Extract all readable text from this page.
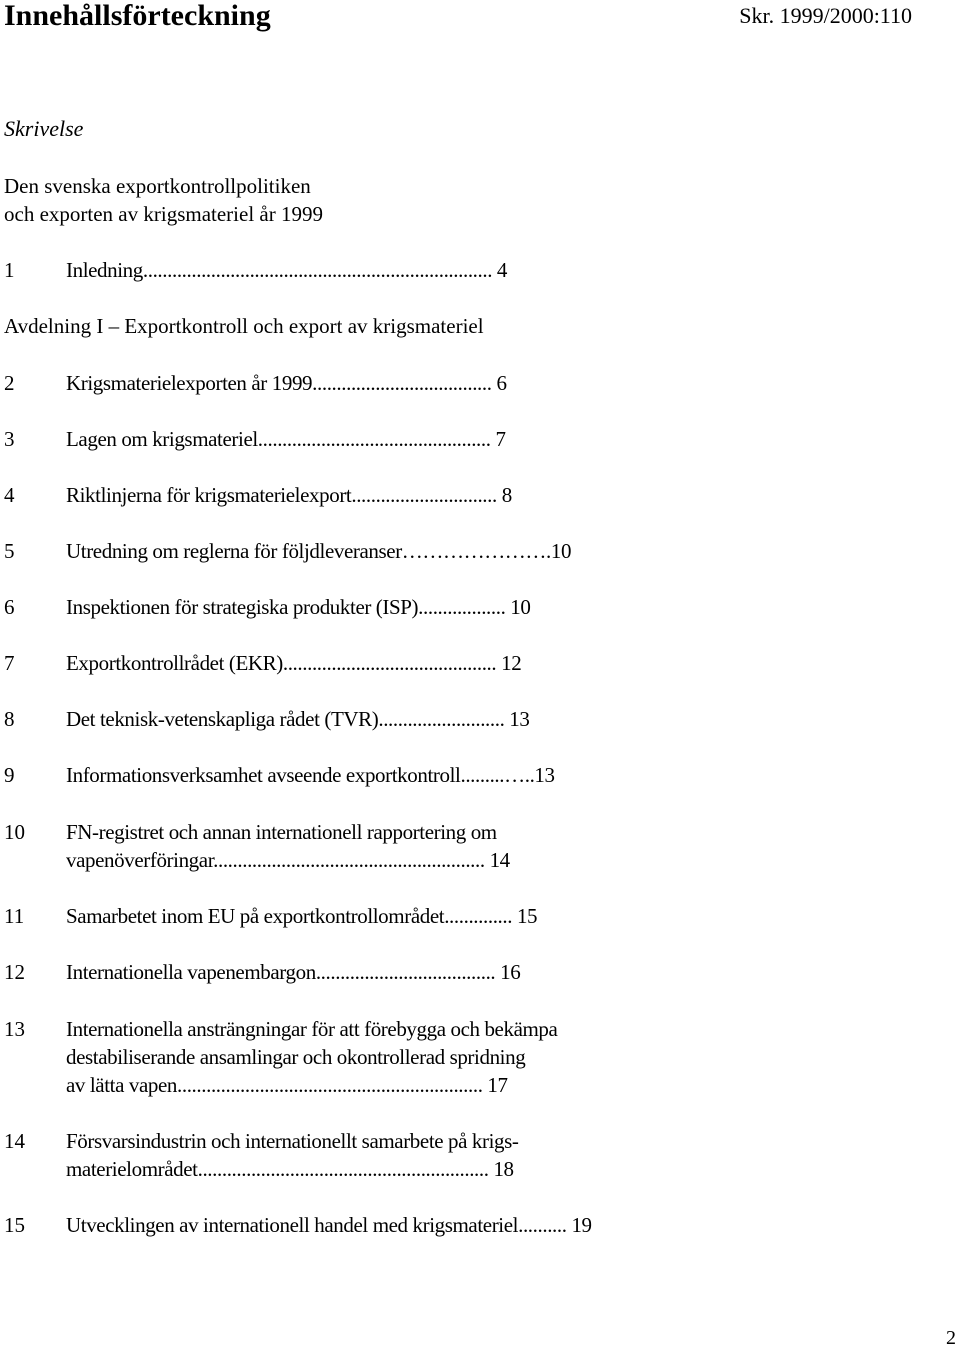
Innehållsförteckning	Skr. 1999/2000:110
Skrivelse
Den svenska exportkontrollpolitiken
och exporten av krigsmateriel år 1999
1 Inledning........................................................................ 4
Avdelning I – Exportkontroll och export av krigsmateriel
2 Krigsmaterielexporten år 1999..................................... 6
3 Lagen om krigsmateriel................................................ 7
4 Riktlinjerna för krigsmaterielexport.............................. 8
5 Utredning om reglerna för följdleveranser………………….10
6 Inspektionen för strategiska produkter (ISP).................. 10
7 Exportkontrollrådet (EKR)............................................ 12
8 Det teknisk-vetenskapliga rådet (TVR).......................... 13
9 Informationsverksamhet avseende exportkontroll.........…..13
10 FN-registret och annan internationell rapportering om
vapenöverföringar........................................................ 14
11 Samarbetet inom EU på exportkontrollområdet.............. 15
12 Internationella vapenembargon..................................... 16
13 Internationella ansträngningar för att förebygga och bekämpa
destabiliserande ansamlingar och okontrollerad spridning
av lätta vapen............................................................... 17
14 Försvarsindustrin och internationellt samarbete på krigs-
materielområdet............................................................ 18
15 Utvecklingen av internationell handel med krigsmateriel.......... 19
2
